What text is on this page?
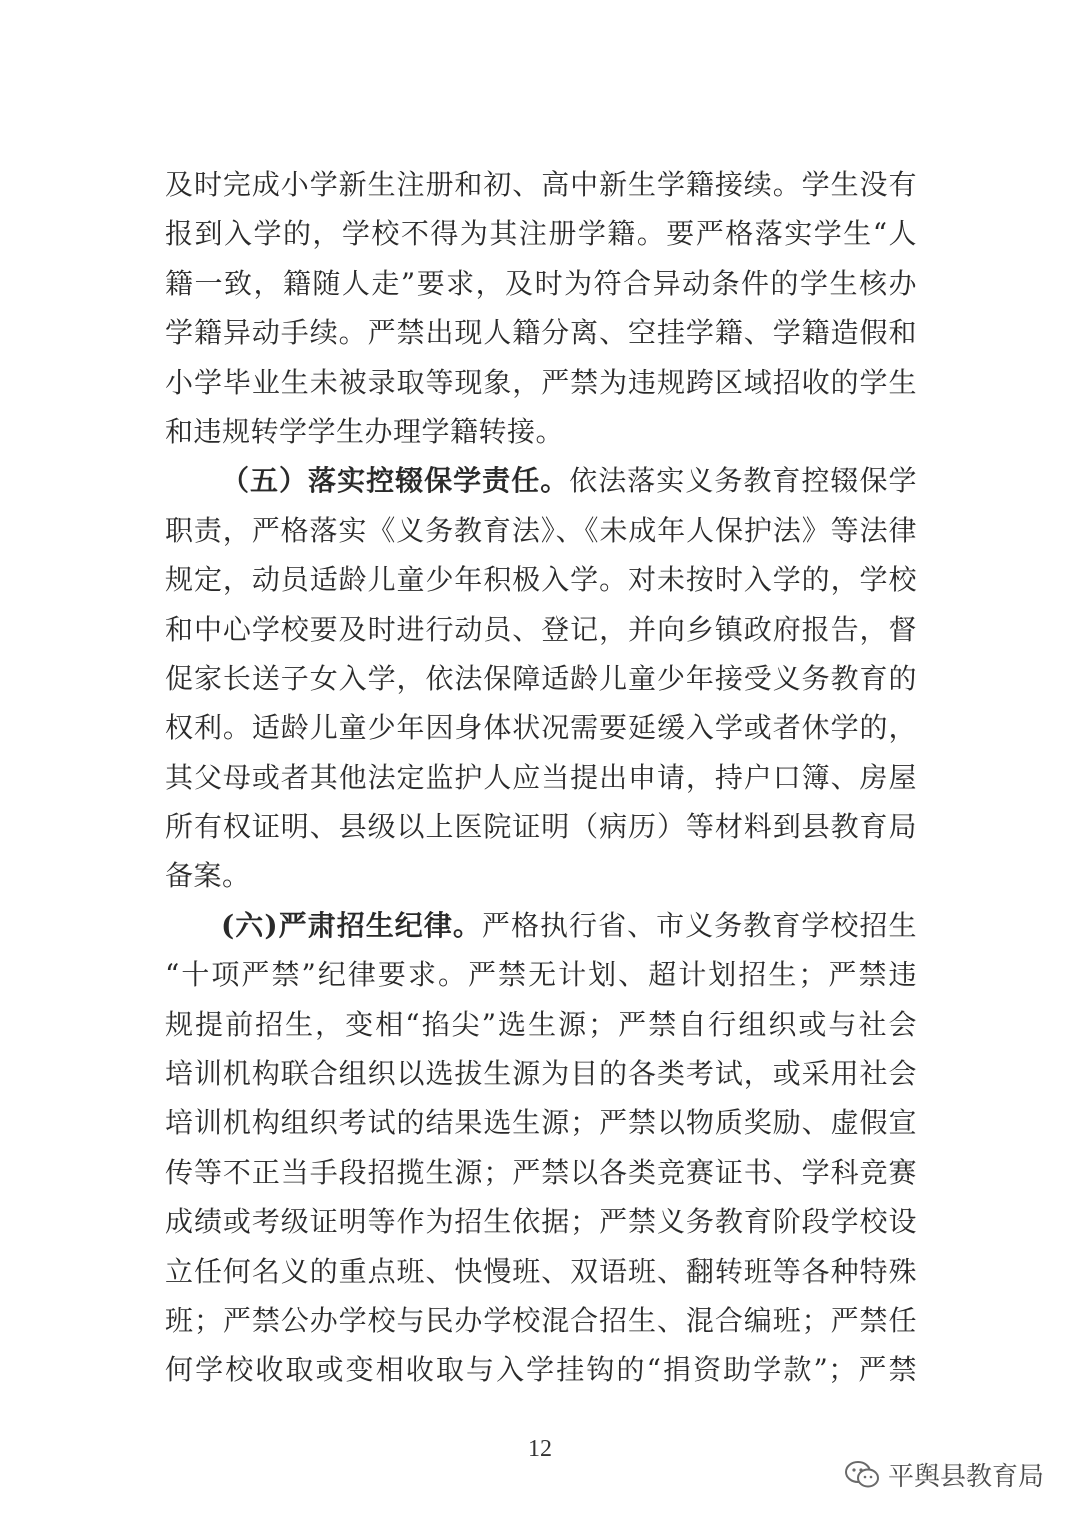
及时完成小学新生注册和初、高中新生学籍接续。学生没有
报到入学的，学校不得为其注册学籍。要严格落实学生“人
籍一致，籍随人走”要求，及时为符合异动条件的学生核办
学籍异动手续。严禁出现人籍分离、空挂学籍、学籍造假和
小学毕业生未被录取等现象，严禁为违规跨区域招收的学生
和违规转学学生办理学籍转接。
（五）落实控辍保学责任。依法落实义务教育控辍保学
职责，严格落实《义务教育法》、《未成年人保护法》等法律
规定，动员适龄儿童少年积极入学。对未按时入学的，学校
和中心学校要及时进行动员、登记，并向乡镇政府报告，督
促家长送子女入学，依法保障适龄儿童少年接受义务教育的
权利。适龄儿童少年因身体状况需要延缓入学或者休学的，
其父母或者其他法定监护人应当提出申请，持户口簿、房屋
所有权证明、县级以上医院证明（病历）等材料到县教育局
备案。
(六)严肃招生纪律。严格执行省、市义务教育学校招生
“十项严禁”纪律要求。严禁无计划、超计划招生；严禁违
规提前招生，变相“掐尖”选生源；严禁自行组织或与社会
培训机构联合组织以选拔生源为目的各类考试，或采用社会
培训机构组织考试的结果选生源；严禁以物质奖励、虚假宣
传等不正当手段招揽生源；严禁以各类竞赛证书、学科竞赛
成绩或考级证明等作为招生依据；严禁义务教育阶段学校设
立任何名义的重点班、快慢班、双语班、翻转班等各种特殊
班；严禁公办学校与民办学校混合招生、混合编班；严禁任
何学校收取或变相收取与入学挂钩的“捐资助学款”；严禁
12
平舆县教育局
